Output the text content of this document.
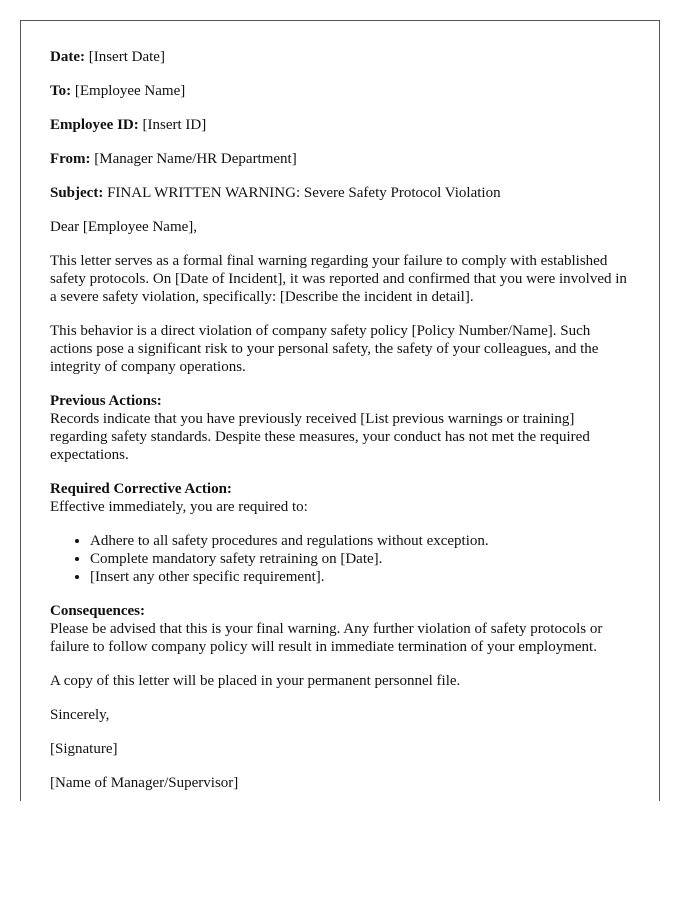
Date: [Insert Date]
To: [Employee Name]
Employee ID: [Insert ID]
From: [Manager Name/HR Department]
Subject: FINAL WRITTEN WARNING: Severe Safety Protocol Violation
Dear [Employee Name],
This letter serves as a formal final warning regarding your failure to comply with established safety protocols. On [Date of Incident], it was reported and confirmed that you were involved in a severe safety violation, specifically: [Describe the incident in detail].
This behavior is a direct violation of company safety policy [Policy Number/Name]. Such actions pose a significant risk to your personal safety, the safety of your colleagues, and the integrity of company operations.
Previous Actions:
Records indicate that you have previously received [List previous warnings or training] regarding safety standards. Despite these measures, your conduct has not met the required expectations.
Required Corrective Action:
Effective immediately, you are required to:
• Adhere to all safety procedures and regulations without exception.
• Complete mandatory safety retraining on [Date].
• [Insert any other specific requirement].
Consequences:
Please be advised that this is your final warning. Any further violation of safety protocols or failure to follow company policy will result in immediate termination of your employment.
A copy of this letter will be placed in your permanent personnel file.
Sincerely,
[Signature]
[Name of Manager/Supervisor]
